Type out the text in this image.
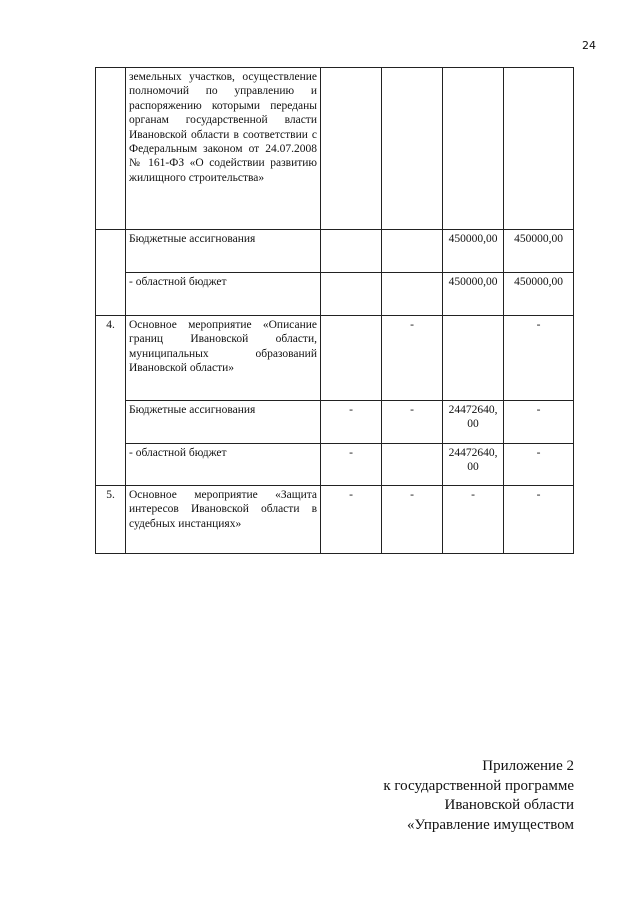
24
	земельных участков, осуществление полномочий по управлению и распоряжению которыми переданы органам государственной власти Ивановской области в соответствии с Федеральным законом от 24.07.2008 № 161-ФЗ «О содействии развитию жилищного строительства»				
	Бюджетные ассигнования			450000,00	450000,00
	- областной бюджет			450000,00	450000,00
4.	Основное мероприятие «Описание границ Ивановской области, муниципальных образований Ивановской области»		-		-
	Бюджетные ассигнования	-	-	24472640,00	-
	- областной бюджет	-		24472640,00	-
5.	Основное мероприятие «Защита интересов Ивановской области в судебных инстанциях»	-	-	-	-
Приложение 2
к государственной программе
Ивановской области
«Управление имуществом
